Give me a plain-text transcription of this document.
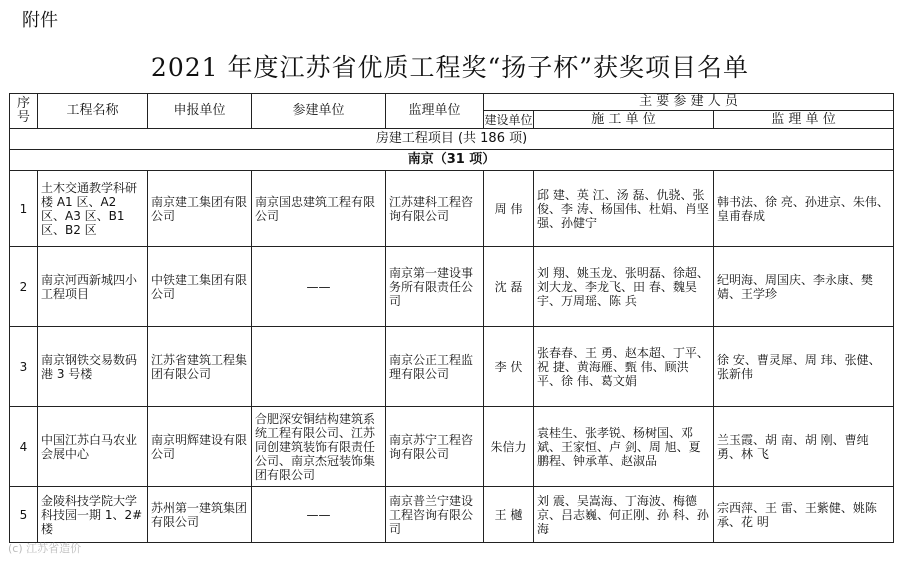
附件
2021 年度江苏省优质工程奖“扬子杯”获奖项目名单
序号	工程名称	申报单位	参建单位	监理单位	主 要 参 建 人 员		
					建设单位	施 工 单 位	监 理 单 位
房建工程项目 (共 186 项)							
南京（31 项）							
1	土木交通教学科研楼 A1 区、A2 区、A3 区、B1 区、B2 区	南京建工集团有限公司	南京国忠建筑工程有限公司	江苏建科工程咨询有限公司	周 伟	邱 建、英 江、汤 磊、仇骁、张 俊、李 涛、杨国伟、杜娟、肖坚强、孙健宁	韩书法、徐 亮、孙进京、朱伟、皇甫春成
2	南京河西新城四小工程项目	中铁建工集团有限公司	——	南京第一建设事务所有限责任公司	沈 磊	刘 翔、姚玉龙、张明磊、徐超、刘大龙、李龙飞、田 春、魏昊宇、万周瑶、陈 兵	纪明海、周国庆、李永康、樊婧、王学珍
3	南京钢铁交易数码港 3 号楼	江苏省建筑工程集团有限公司		南京公正工程监理有限公司	李 伏	张春春、王 勇、赵本超、丁平、祝 捷、黄海雁、甄 伟、顾洪平、徐 伟、葛文娟	徐 安、曹灵犀、周 玮、张健、张新伟
4	中国江苏白马农业会展中心	南京明辉建设有限公司	合肥深安铜结构建筑系统工程有限公司、江苏同创建筑装饰有限责任公司、南京杰冠装饰集团有限公司	南京苏宁工程咨询有限公司	朱信力	袁桂生、张孝锐、杨树国、邓斌、王家恒、卢 剑、周 旭、夏鹏程、钟承革、赵淑品	兰玉霞、胡 南、胡 刚、曹纯勇、林 飞
5	金陵科技学院大学科技园一期 1、2#楼	苏州第一建筑集团有限公司	——	南京普兰宁建设工程咨询有限公司	王 樾	刘 震、吴嵩海、丁海波、梅德京、吕志巍、何正刚、孙 科、孙海	宗西萍、王 雷、王紫健、姚陈承、花 明
(c) 江苏省造价
